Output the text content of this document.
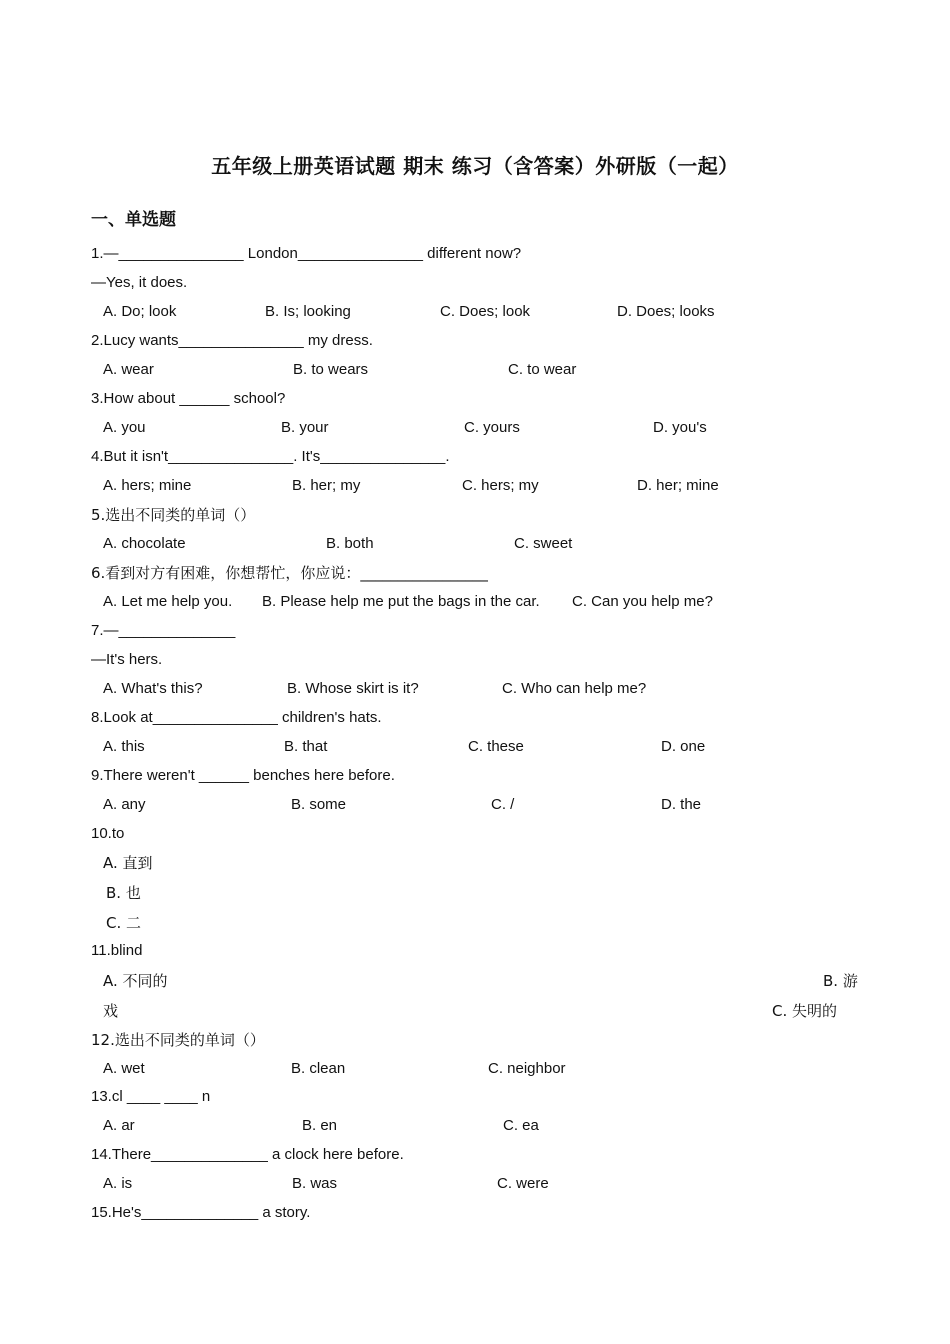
五年级上册英语试题 期末 练习（含答案）外研版（一起）
一、单选题
1.—_______________ London_______________ different now?
—Yes, it does.
A. Do; look	B. Is; looking	C. Does; look	D. Does; looks
2.Lucy wants_______________ my dress.
A. wear	B. to wears	C. to wear
3.How about ______ school?
A. you	B. your	C. yours	D. you's
4.But it isn't_______________. It's_______________.
A. hers; mine	B. her; my	C. hers; my	D. her; mine
5.选出不同类的单词（）
A. chocolate	B. both	C. sweet
6.看到对方有困难，你想帮忙，你应说：_________________
A. Let me help you. B. Please help me put the bags in the car. C. Can you help me?
7.—______________
—It's hers.
A. What's this?	B. Whose skirt is it?	C. Who can help me?
8.Look at_______________ children's hats.
A. this	B. that	C. these	D. one
9.There weren't ______ benches here before.
A. any	B. some	C. /	D. the
10.to
A. 直到
B. 也
C. 二
11.blind
A. 不同的	B. 游
戏	C. 失明的
12.选出不同类的单词（）
A. wet	B. clean	C. neighbor
13.cl ____ ____ n
A. ar	B. en	C. ea
14.There______________ a clock here before.
A. is	B. was	C. were
15.He's______________ a story.
